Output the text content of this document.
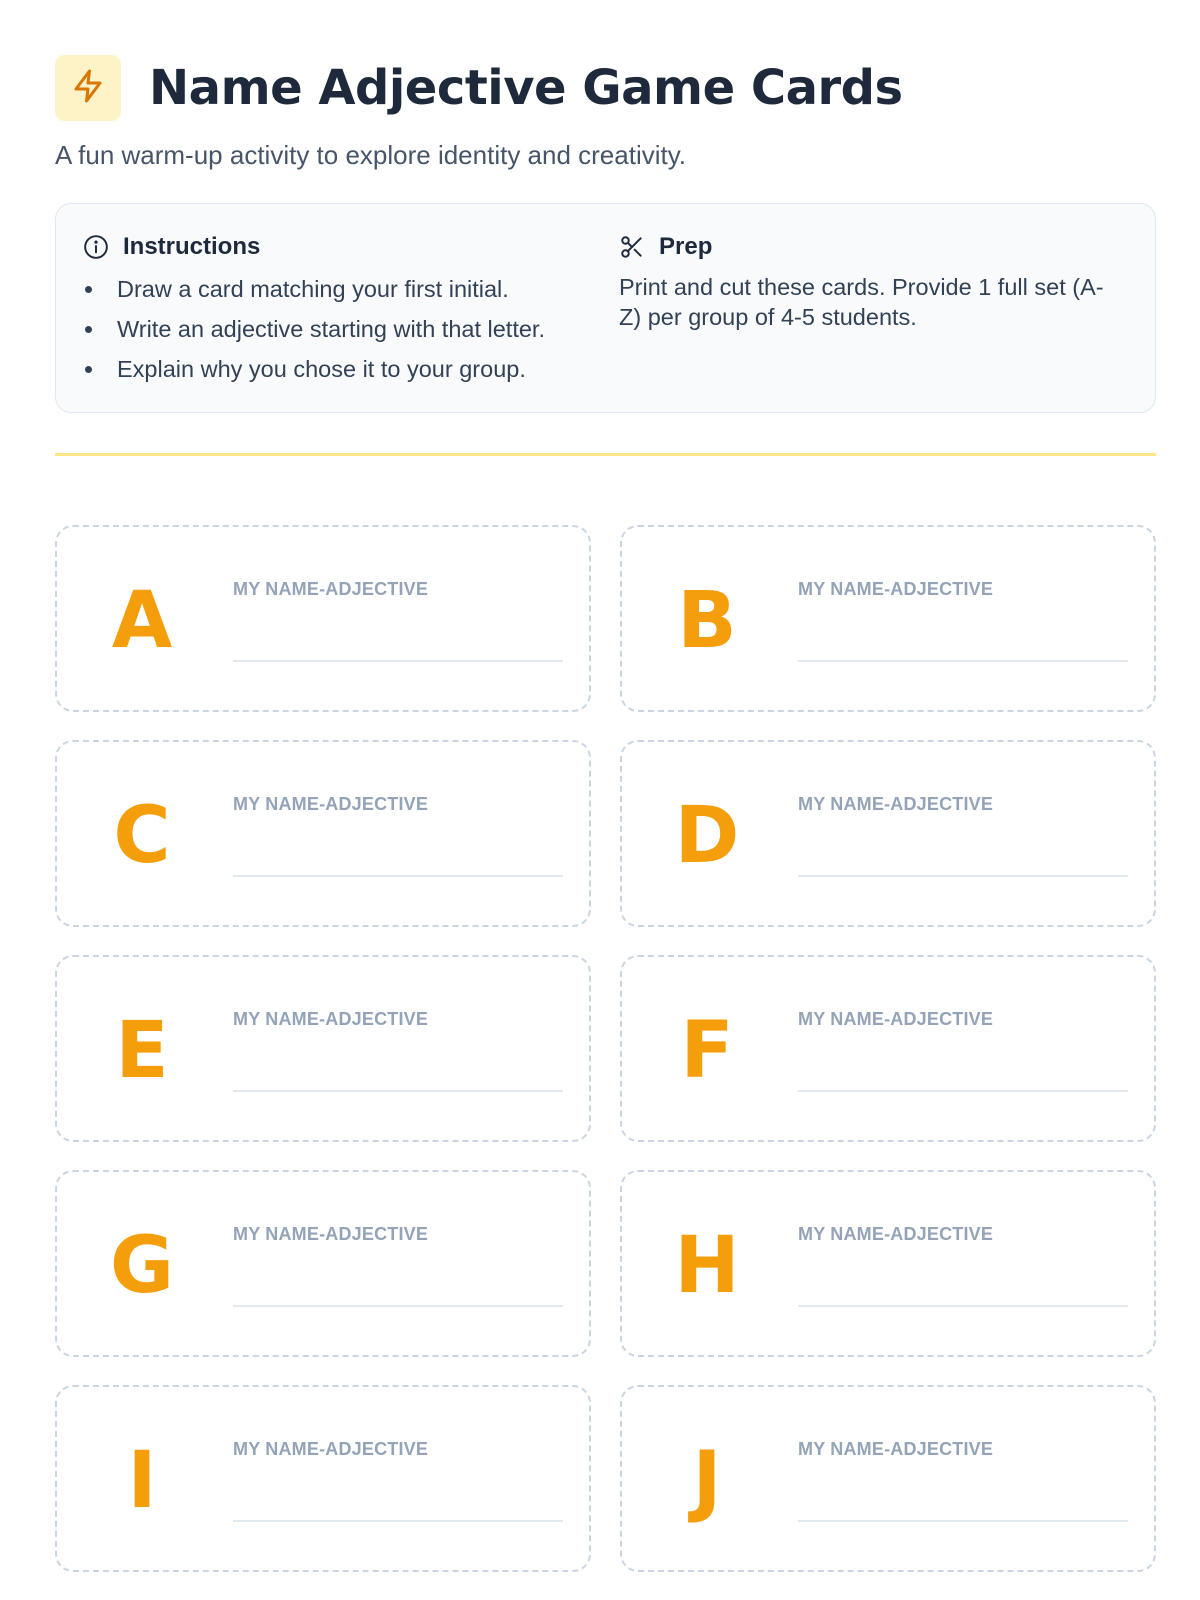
Name Adjective Game Cards

A fun warm-up activity to explore identity and creativity.

Instructions
Draw a card matching your first initial.
Write an adjective starting with that letter.
Explain why you chose it to your group.
Prep

Print and cut these cards. Provide 1 full set (A-Z) per group of 4-5 students.

A	MY NAME-ADJECTIVE	B	MY NAME-ADJECTIVE
C	MY NAME-ADJECTIVE	D	MY NAME-ADJECTIVE
E	MY NAME-ADJECTIVE	F	MY NAME-ADJECTIVE
G	MY NAME-ADJECTIVE	H	MY NAME-ADJECTIVE
I	MY NAME-ADJECTIVE	J	MY NAME-ADJECTIVE
